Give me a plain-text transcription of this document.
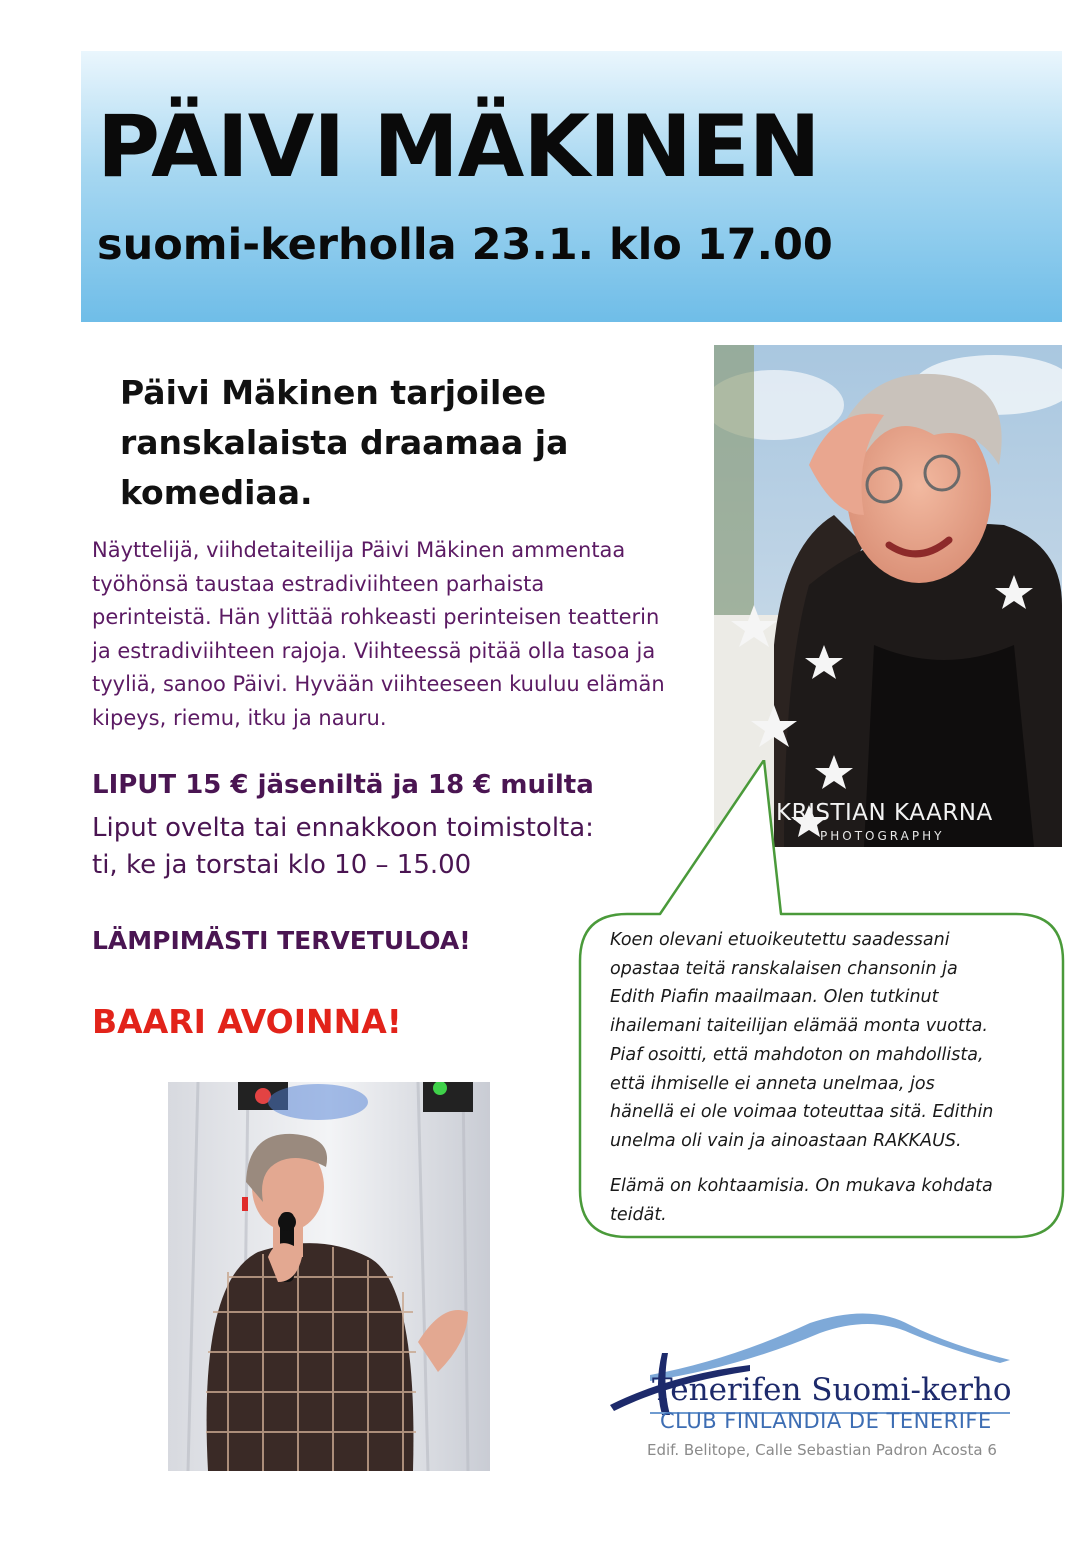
PÄIVI MÄKINEN
suomi-kerholla 23.1. klo 17.00

Päivi Mäkinen tarjoilee
ranskalaista draamaa ja
komediaa.

Näyttelijä, viihdetaiteilija Päivi Mäkinen ammentaa
työhönsä taustaa estradiviihteen parhaista
perinteistä. Hän ylittää rohkeasti perinteisen teatterin
ja estradiviihteen rajoja. Viihteessä pitää olla tasoa ja
tyyliä, sanoo Päivi. Hyvään viihteeseen kuuluu elämän
kipeys, riemu, itku ja nauru.

LIPUT 15 € jäseniltä ja 18 € muilta

Liput ovelta tai ennakkoon toimistolta:
ti, ke ja torstai klo 10 – 15.00

LÄMPIMÄSTI TERVETULOA!

BAARI AVOINNA!

KRISTIAN KAARNA
PHOTOGRAPHY

Koen olevani etuoikeutettu saadessani
opastaa teitä ranskalaisen chansonin ja
Edith Piafin maailmaan. Olen tutkinut
ihailemani taiteilijan elämää monta vuotta.
Piaf osoitti, että mahdoton on mahdollista,
että ihmiselle ei anneta unelmaa, jos
hänellä ei ole voimaa toteuttaa sitä. Edithin
unelma oli vain ja ainoastaan RAKKAUS.

Elämä on kohtaamisia. On mukava kohdata
teidät.

Tenerifen Suomi-kerho
CLUB FINLANDIA DE TENERIFE
Edif. Belitope, Calle Sebastian Padron Acosta 6
